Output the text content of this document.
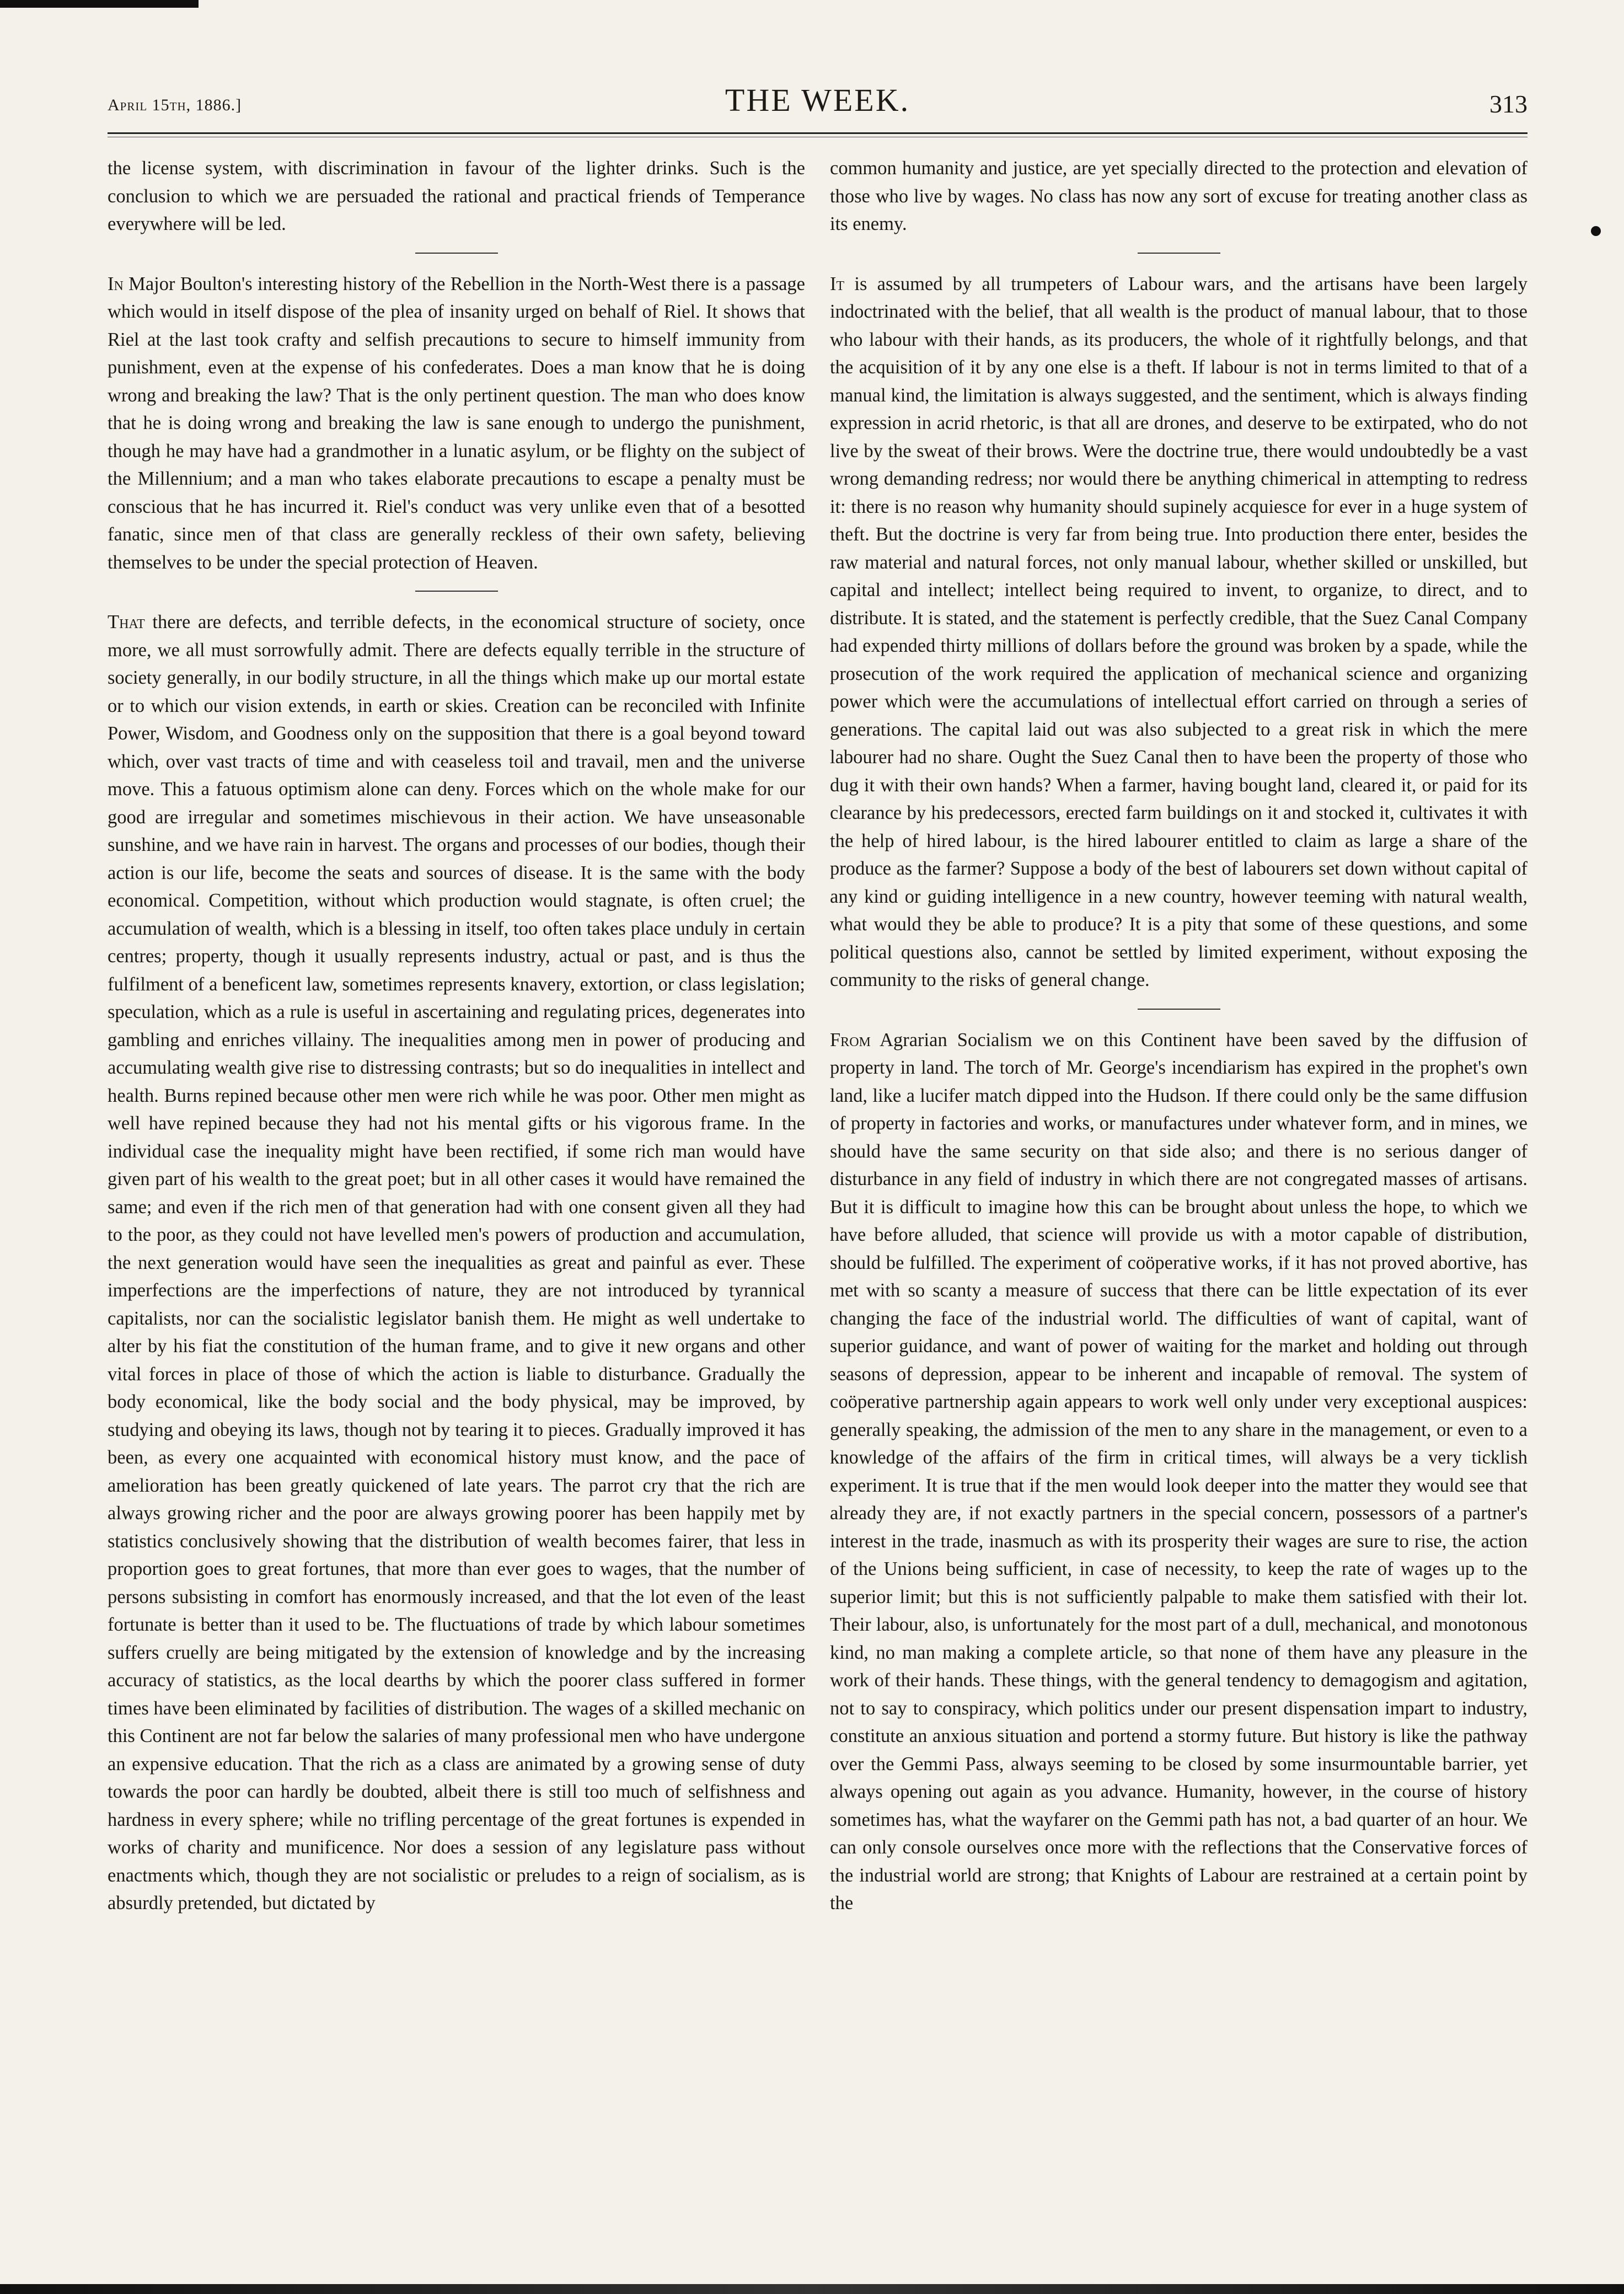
April 15th, 1886.]	THE WEEK.	313

the license system, with discrimination in favour of the lighter drinks. Such is the conclusion to which we are persuaded the rational and practical friends of Temperance everywhere will be led.

In Major Boulton's interesting history of the Rebellion in the North-West there is a passage which would in itself dispose of the plea of insanity urged on behalf of Riel. It shows that Riel at the last took crafty and selfish precautions to secure to himself immunity from punishment, even at the expense of his confederates. Does a man know that he is doing wrong and breaking the law? That is the only pertinent question. The man who does know that he is doing wrong and breaking the law is sane enough to undergo the punishment, though he may have had a grandmother in a lunatic asylum, or be flighty on the subject of the Millennium; and a man who takes elaborate precautions to escape a penalty must be conscious that he has incurred it. Riel's conduct was very unlike even that of a besotted fanatic, since men of that class are generally reckless of their own safety, believing themselves to be under the special protection of Heaven.

That there are defects, and terrible defects, in the economical structure of society, once more, we all must sorrowfully admit. There are defects equally terrible in the structure of society generally, in our bodily structure, in all the things which make up our mortal estate or to which our vision extends, in earth or skies. Creation can be reconciled with Infinite Power, Wisdom, and Goodness only on the supposition that there is a goal beyond toward which, over vast tracts of time and with ceaseless toil and travail, men and the universe move. This a fatuous optimism alone can deny. Forces which on the whole make for our good are irregular and sometimes mischievous in their action. We have unseasonable sunshine, and we have rain in harvest. The organs and processes of our bodies, though their action is our life, become the seats and sources of disease. It is the same with the body economical. Competition, without which production would stagnate, is often cruel; the accumulation of wealth, which is a blessing in itself, too often takes place unduly in certain centres; property, though it usually represents industry, actual or past, and is thus the fulfilment of a beneficent law, sometimes represents knavery, extortion, or class legislation; speculation, which as a rule is useful in ascertaining and regulating prices, degenerates into gambling and enriches villainy. The inequalities among men in power of producing and accumulating wealth give rise to distressing contrasts; but so do inequalities in intellect and health. Burns repined because other men were rich while he was poor. Other men might as well have repined because they had not his mental gifts or his vigorous frame. In the individual case the inequality might have been rectified, if some rich man would have given part of his wealth to the great poet; but in all other cases it would have remained the same; and even if the rich men of that generation had with one consent given all they had to the poor, as they could not have levelled men's powers of production and accumulation, the next generation would have seen the inequalities as great and painful as ever. These imperfections are the imperfections of nature, they are not introduced by tyrannical capitalists, nor can the socialistic legislator banish them. He might as well undertake to alter by his fiat the constitution of the human frame, and to give it new organs and other vital forces in place of those of which the action is liable to disturbance. Gradually the body economical, like the body social and the body physical, may be improved, by studying and obeying its laws, though not by tearing it to pieces. Gradually improved it has been, as every one acquainted with economical history must know, and the pace of amelioration has been greatly quickened of late years. The parrot cry that the rich are always growing richer and the poor are always growing poorer has been happily met by statistics conclusively showing that the distribution of wealth becomes fairer, that less in proportion goes to great fortunes, that more than ever goes to wages, that the number of persons subsisting in comfort has enormously increased, and that the lot even of the least fortunate is better than it used to be. The fluctuations of trade by which labour sometimes suffers cruelly are being mitigated by the extension of knowledge and by the increasing accuracy of statistics, as the local dearths by which the poorer class suffered in former times have been eliminated by facilities of distribution. The wages of a skilled mechanic on this Continent are not far below the salaries of many professional men who have undergone an expensive education. That the rich as a class are animated by a growing sense of duty towards the poor can hardly be doubted, albeit there is still too much of selfishness and hardness in every sphere; while no trifling percentage of the great fortunes is expended in works of charity and munificence. Nor does a session of any legislature pass without enactments which, though they are not socialistic or preludes to a reign of socialism, as is absurdly pretended, but dictated by

common humanity and justice, are yet specially directed to the protection and elevation of those who live by wages. No class has now any sort of excuse for treating another class as its enemy.

It is assumed by all trumpeters of Labour wars, and the artisans have been largely indoctrinated with the belief, that all wealth is the product of manual labour, that to those who labour with their hands, as its producers, the whole of it rightfully belongs, and that the acquisition of it by any one else is a theft. If labour is not in terms limited to that of a manual kind, the limitation is always suggested, and the sentiment, which is always finding expression in acrid rhetoric, is that all are drones, and deserve to be extirpated, who do not live by the sweat of their brows. Were the doctrine true, there would undoubtedly be a vast wrong demanding redress; nor would there be anything chimerical in attempting to redress it: there is no reason why humanity should supinely acquiesce for ever in a huge system of theft. But the doctrine is very far from being true. Into production there enter, besides the raw material and natural forces, not only manual labour, whether skilled or unskilled, but capital and intellect; intellect being required to invent, to organize, to direct, and to distribute. It is stated, and the statement is perfectly credible, that the Suez Canal Company had expended thirty millions of dollars before the ground was broken by a spade, while the prosecution of the work required the application of mechanical science and organizing power which were the accumulations of intellectual effort carried on through a series of generations. The capital laid out was also subjected to a great risk in which the mere labourer had no share. Ought the Suez Canal then to have been the property of those who dug it with their own hands? When a farmer, having bought land, cleared it, or paid for its clearance by his predecessors, erected farm buildings on it and stocked it, cultivates it with the help of hired labour, is the hired labourer entitled to claim as large a share of the produce as the farmer? Suppose a body of the best of labourers set down without capital of any kind or guiding intelligence in a new country, however teeming with natural wealth, what would they be able to produce? It is a pity that some of these questions, and some political questions also, cannot be settled by limited experiment, without exposing the community to the risks of general change.

From Agrarian Socialism we on this Continent have been saved by the diffusion of property in land. The torch of Mr. George's incendiarism has expired in the prophet's own land, like a lucifer match dipped into the Hudson. If there could only be the same diffusion of property in factories and works, or manufactures under whatever form, and in mines, we should have the same security on that side also; and there is no serious danger of disturbance in any field of industry in which there are not congregated masses of artisans. But it is difficult to imagine how this can be brought about unless the hope, to which we have before alluded, that science will provide us with a motor capable of distribution, should be fulfilled. The experiment of coöperative works, if it has not proved abortive, has met with so scanty a measure of success that there can be little expectation of its ever changing the face of the industrial world. The difficulties of want of capital, want of superior guidance, and want of power of waiting for the market and holding out through seasons of depression, appear to be inherent and incapable of removal. The system of coöperative partnership again appears to work well only under very exceptional auspices: generally speaking, the admission of the men to any share in the management, or even to a knowledge of the affairs of the firm in critical times, will always be a very ticklish experiment. It is true that if the men would look deeper into the matter they would see that already they are, if not exactly partners in the special concern, possessors of a partner's interest in the trade, inasmuch as with its prosperity their wages are sure to rise, the action of the Unions being sufficient, in case of necessity, to keep the rate of wages up to the superior limit; but this is not sufficiently palpable to make them satisfied with their lot. Their labour, also, is unfortunately for the most part of a dull, mechanical, and monotonous kind, no man making a complete article, so that none of them have any pleasure in the work of their hands. These things, with the general tendency to demagogism and agitation, not to say to conspiracy, which politics under our present dispensation impart to industry, constitute an anxious situation and portend a stormy future. But history is like the pathway over the Gemmi Pass, always seeming to be closed by some insurmountable barrier, yet always opening out again as you advance. Humanity, however, in the course of history sometimes has, what the wayfarer on the Gemmi path has not, a bad quarter of an hour. We can only console ourselves once more with the reflections that the Conservative forces of the industrial world are strong; that Knights of Labour are restrained at a certain point by the
